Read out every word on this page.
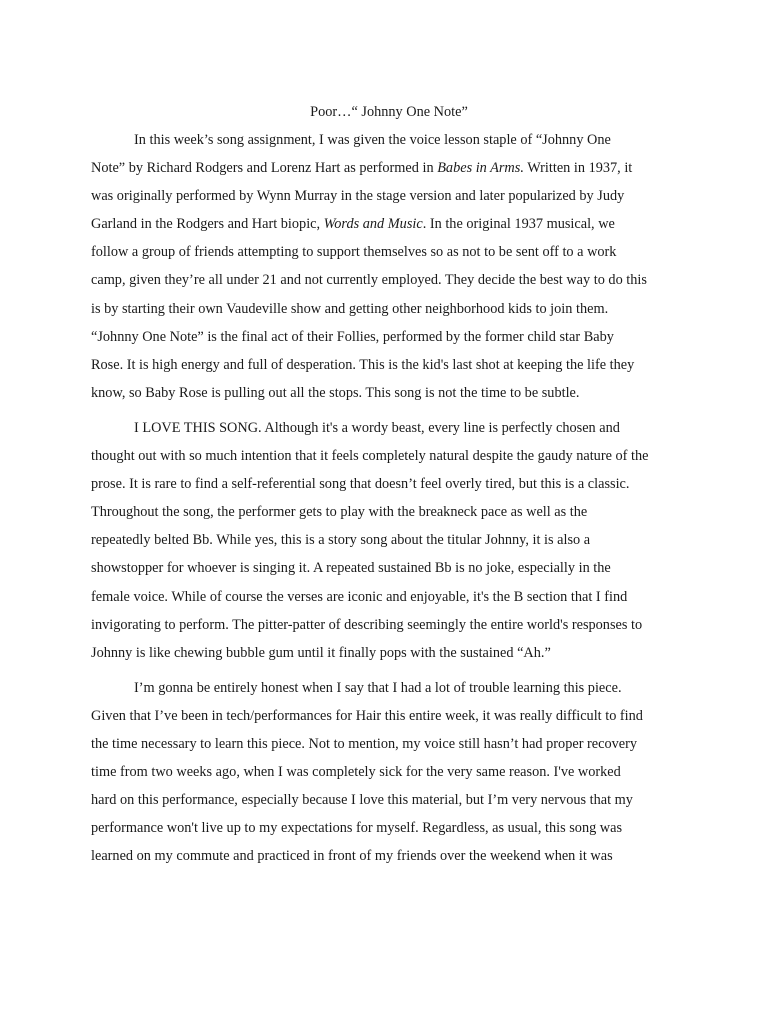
Poor…“ Johnny One Note”
In this week’s song assignment, I was given the voice lesson staple of “Johnny One
Note” by Richard Rodgers and Lorenz Hart as performed in Babes in Arms. Written in 1937, it
was originally performed by Wynn Murray in the stage version and later popularized by Judy
Garland in the Rodgers and Hart biopic, Words and Music. In the original 1937 musical, we
follow a group of friends attempting to support themselves so as not to be sent off to a work
camp, given they’re all under 21 and not currently employed. They decide the best way to do this
is by starting their own Vaudeville show and getting other neighborhood kids to join them.
“Johnny One Note” is the final act of their Follies, performed by the former child star Baby
Rose. It is high energy and full of desperation. This is the kid's last shot at keeping the life they
know, so Baby Rose is pulling out all the stops. This song is not the time to be subtle.
I LOVE THIS SONG. Although it's a wordy beast, every line is perfectly chosen and
thought out with so much intention that it feels completely natural despite the gaudy nature of the
prose. It is rare to find a self-referential song that doesn’t feel overly tired, but this is a classic.
Throughout the song, the performer gets to play with the breakneck pace as well as the
repeatedly belted Bb. While yes, this is a story song about the titular Johnny, it is also a
showstopper for whoever is singing it. A repeated sustained Bb is no joke, especially in the
female voice. While of course the verses are iconic and enjoyable, it's the B section that I find
invigorating to perform. The pitter-patter of describing seemingly the entire world's responses to
Johnny is like chewing bubble gum until it finally pops with the sustained “Ah.”
I’m gonna be entirely honest when I say that I had a lot of trouble learning this piece.
Given that I’ve been in tech/performances for Hair this entire week, it was really difficult to find
the time necessary to learn this piece. Not to mention, my voice still hasn’t had proper recovery
time from two weeks ago, when I was completely sick for the very same reason. I've worked
hard on this performance, especially because I love this material, but I’m very nervous that my
performance won't live up to my expectations for myself. Regardless, as usual, this song was
learned on my commute and practiced in front of my friends over the weekend when it was
